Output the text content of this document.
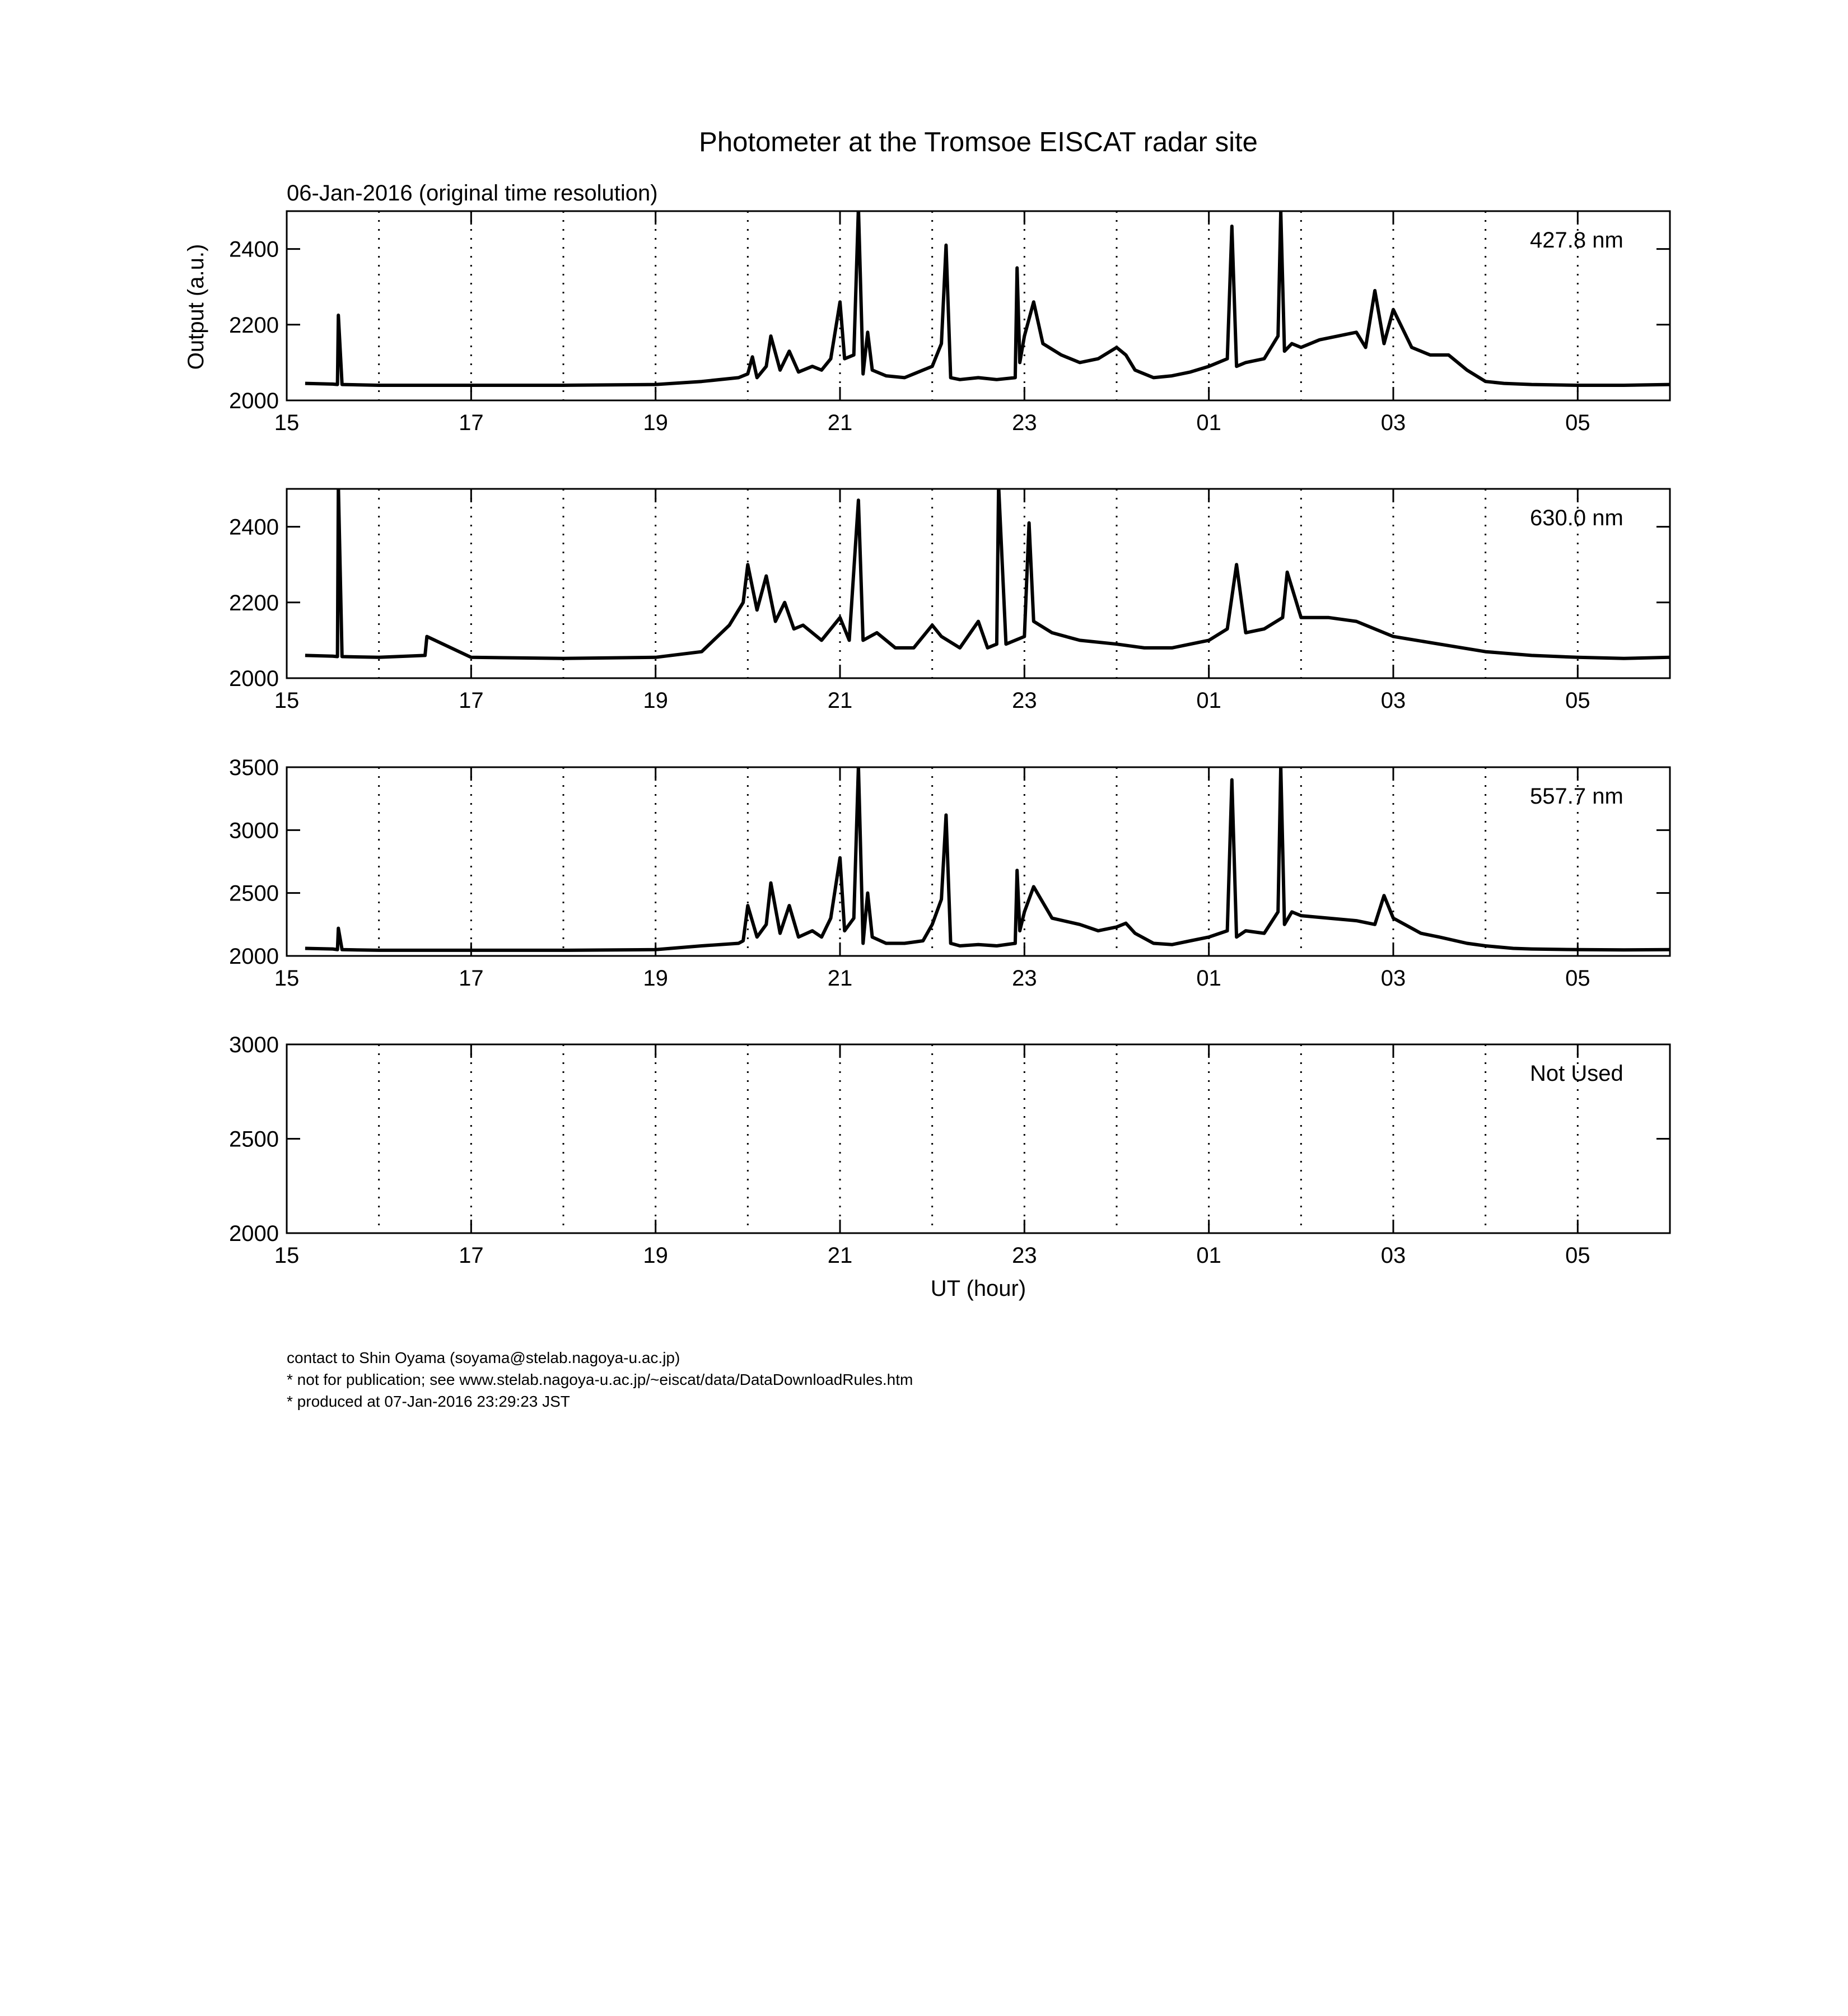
Photometer at the Tromsoe EISCAT radar site
06-Jan-2016 (original time resolution)
Output (a.u.)
UT (hour)
15	17	19	21	23	01	03	05
2000
2200
2400	427.8 nm
15	17	19	21	23	01	03	05
2000
2200
2400	630.0 nm
15	17	19	21	23	01	03	05
2000
2500
3000
3500
557.7 nm
15	17	19	21	23	01	03	05
2000
2500
3000
Not Used
contact to Shin Oyama (soyama@stelab.nagoya-u.ac.jp)
* not for publication; see www.stelab.nagoya-u.ac.jp/~eiscat/data/DataDownloadRules.htm
* produced at 07-Jan-2016 23:29:23 JST
